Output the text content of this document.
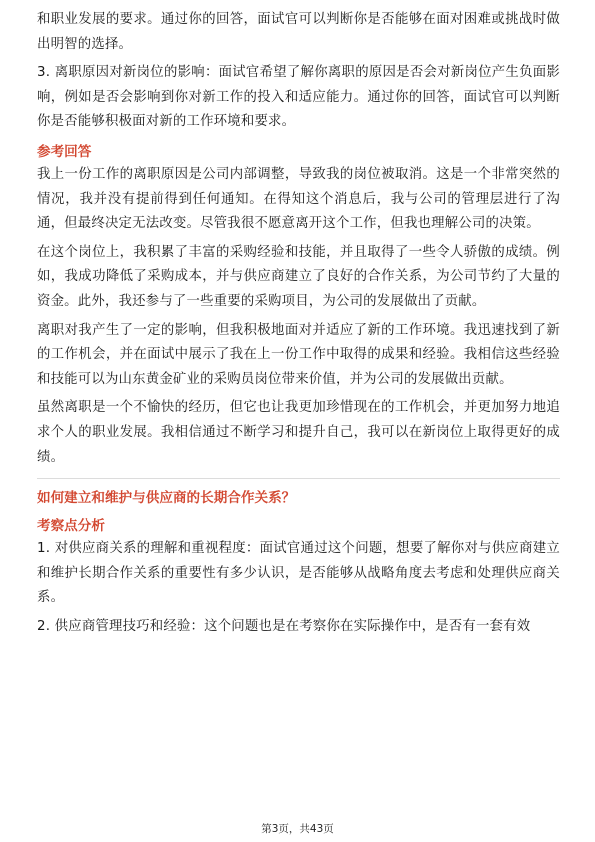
和职业发展的要求。通过你的回答，面试官可以判断你是否能够在面对困难或挑战时做出明智的选择。

3. 离职原因对新岗位的影响：面试官希望了解你离职的原因是否会对新岗位产生负面影响，例如是否会影响到你对新工作的投入和适应能力。通过你的回答，面试官可以判断你是否能够积极面对新的工作环境和要求。

参考回答

我上一份工作的离职原因是公司内部调整，导致我的岗位被取消。这是一个非常突然的情况，我并没有提前得到任何通知。在得知这个消息后，我与公司的管理层进行了沟通，但最终决定无法改变。尽管我很不愿意离开这个工作，但我也理解公司的决策。

在这个岗位上，我积累了丰富的采购经验和技能，并且取得了一些令人骄傲的成绩。例如，我成功降低了采购成本，并与供应商建立了良好的合作关系，为公司节约了大量的资金。此外，我还参与了一些重要的采购项目，为公司的发展做出了贡献。

离职对我产生了一定的影响，但我积极地面对并适应了新的工作环境。我迅速找到了新的工作机会，并在面试中展示了我在上一份工作中取得的成果和经验。我相信这些经验和技能可以为山东黄金矿业的采购员岗位带来价值，并为公司的发展做出贡献。

虽然离职是一个不愉快的经历，但它也让我更加珍惜现在的工作机会，并更加努力地追求个人的职业发展。我相信通过不断学习和提升自己，我可以在新岗位上取得更好的成绩。

如何建立和维护与供应商的长期合作关系？
考察点分析

1. 对供应商关系的理解和重视程度：面试官通过这个问题，想要了解你对与供应商建立和维护长期合作关系的重要性有多少认识，是否能够从战略角度去考虑和处理供应商关系。

2. 供应商管理技巧和经验：这个问题也是在考察你在实际操作中，是否有一套有效

第3页，共43页
